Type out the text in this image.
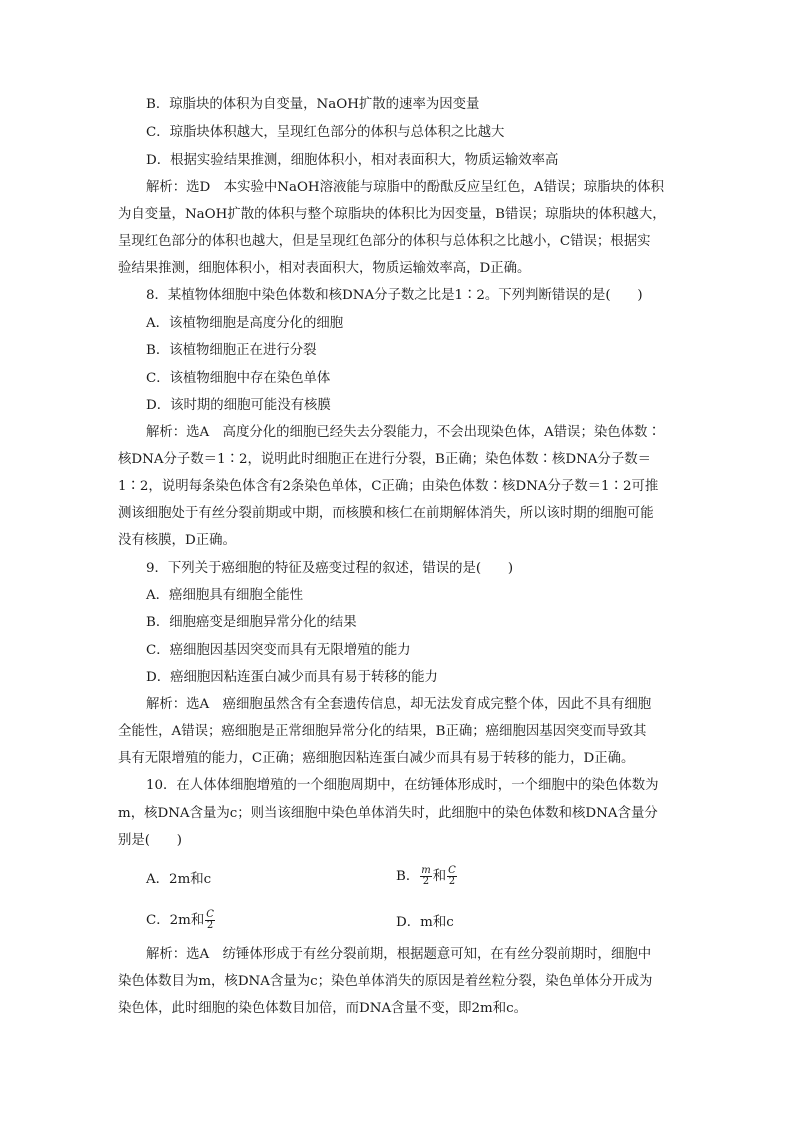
B．琼脂块的体积为自变量，NaOH扩散的速率为因变量
C．琼脂块体积越大，呈现红色部分的体积与总体积之比越大
D．根据实验结果推测，细胞体积小，相对表面积大，物质运输效率高
解析：选D　本实验中NaOH溶液能与琼脂中的酚酞反应呈红色，A错误；琼脂块的体积
为自变量，NaOH扩散的体积与整个琼脂块的体积比为因变量，B错误；琼脂块的体积越大，
呈现红色部分的体积也越大，但是呈现红色部分的体积与总体积之比越小，C错误；根据实
验结果推测，细胞体积小，相对表面积大，物质运输效率高，D正确。
8．某植物体细胞中染色体数和核DNA分子数之比是1∶2。下列判断错误的是(　　)
A．该植物细胞是高度分化的细胞
B．该植物细胞正在进行分裂
C．该植物细胞中存在染色单体
D．该时期的细胞可能没有核膜
解析：选A　高度分化的细胞已经失去分裂能力，不会出现染色体，A错误；染色体数∶
核DNA分子数＝1∶2，说明此时细胞正在进行分裂，B正确；染色体数∶核DNA分子数＝
1∶2，说明每条染色体含有2条染色单体，C正确；由染色体数∶核DNA分子数＝1∶2可推
测该细胞处于有丝分裂前期或中期，而核膜和核仁在前期解体消失，所以该时期的细胞可能
没有核膜，D正确。
9．下列关于癌细胞的特征及癌变过程的叙述，错误的是(　　)
A．癌细胞具有细胞全能性
B．细胞癌变是细胞异常分化的结果
C．癌细胞因基因突变而具有无限增殖的能力
D．癌细胞因粘连蛋白减少而具有易于转移的能力
解析：选A　癌细胞虽然含有全套遗传信息，却无法发育成完整个体，因此不具有细胞
全能性，A错误；癌细胞是正常细胞异常分化的结果，B正确；癌细胞因基因突变而导致其
具有无限增殖的能力，C正确；癌细胞因粘连蛋白减少而具有易于转移的能力，D正确。
10．在人体体细胞增殖的一个细胞周期中，在纺锤体形成时，一个细胞中的染色体数为
m，核DNA含量为c；则当该细胞中染色单体消失时，此细胞中的染色体数和核DNA含量分
别是(　　)
A．2m和c	B． $\frac{m}{2}$ 和 $\frac{C}{2}$
C．2m和 $\frac{C}{2}$	D．m和c
解析：选A　纺锤体形成于有丝分裂前期，根据题意可知，在有丝分裂前期时，细胞中
染色体数目为m，核DNA含量为c；染色单体消失的原因是着丝粒分裂，染色单体分开成为
染色体，此时细胞的染色体数目加倍，而DNA含量不变，即2m和c。
